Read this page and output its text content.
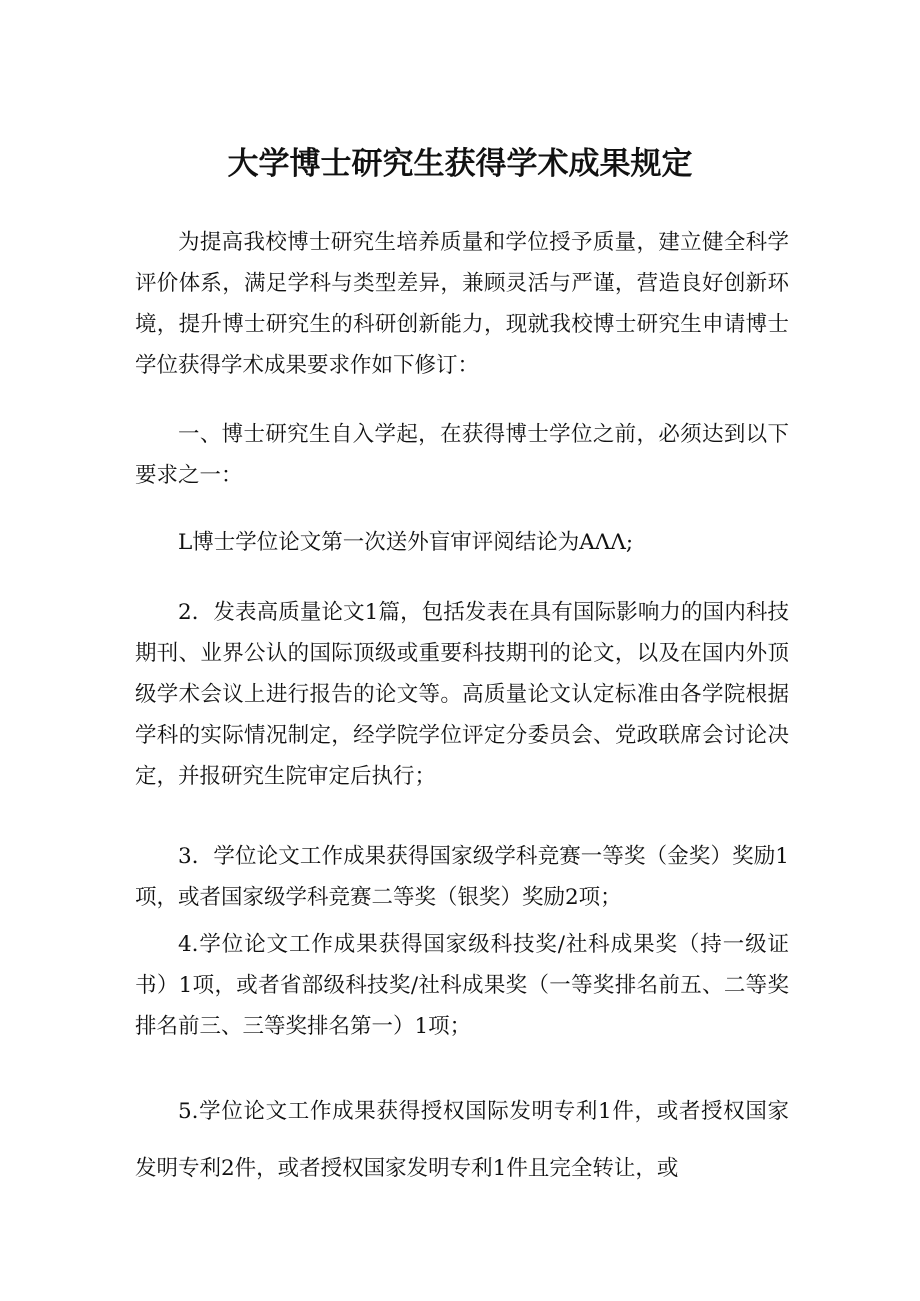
大学博士研究生获得学术成果规定

为提高我校博士研究生培养质量和学位授予质量，建立健全科学评价体系，满足学科与类型差异，兼顾灵活与严谨，营造良好创新环境，提升博士研究生的科研创新能力，现就我校博士研究生申请博士学位获得学术成果要求作如下修订：

一、博士研究生自入学起，在获得博士学位之前，必须达到以下要求之一：

L博士学位论文第一次送外盲审评阅结论为AΛΛ;

2．发表高质量论文1篇，包括发表在具有国际影响力的国内科技期刊、业界公认的国际顶级或重要科技期刊的论文，以及在国内外顶级学术会议上进行报告的论文等。高质量论文认定标准由各学院根据学科的实际情况制定，经学院学位评定分委员会、党政联席会讨论决定，并报研究生院审定后执行；

3．学位论文工作成果获得国家级学科竞赛一等奖（金奖）奖励1项，或者国家级学科竞赛二等奖（银奖）奖励2项；

4.学位论文工作成果获得国家级科技奖/社科成果奖（持一级证书）1项，或者省部级科技奖/社科成果奖（一等奖排名前五、二等奖排名前三、三等奖排名第一）1项；

5.学位论文工作成果获得授权国际发明专利1件，或者授权国家发明专利2件，或者授权国家发明专利1件且完全转让，或
